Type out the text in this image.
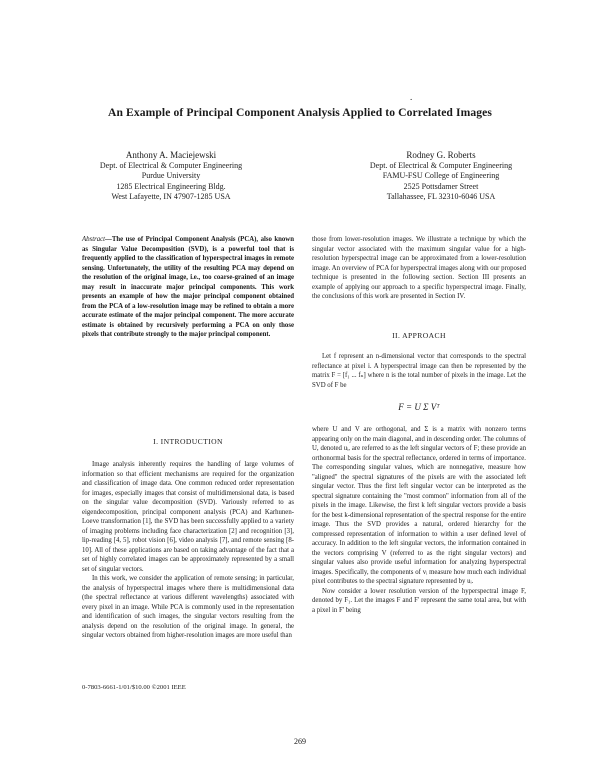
.
An Example of Principal Component Analysis Applied to Correlated Images
Anthony A. Maciejewski
Dept. of Electrical & Computer Engineering
Purdue University
1285 Electrical Engineering Bldg.
West Lafayette, IN 47907-1285 USA
Rodney G. Roberts
Dept. of Electrical & Computer Engineering
FAMU-FSU College of Engineering
2525 Pottsdamer Street
Tallahassee, FL 32310-6046 USA
Abstract—The use of Principal Component Analysis (PCA), also known as Singular Value Decomposition (SVD), is a powerful tool that is frequently applied to the classification of hyperspectral images in remote sensing. Unfortunately, the utility of the resulting PCA may depend on the resolution of the original image, i.e., too coarse-grained of an image may result in inaccurate major principal components. This work presents an example of how the major principal component obtained from the PCA of a low-resolution image may be refined to obtain a more accurate estimate of the major principal component. The more accurate estimate is obtained by recursively performing a PCA on only those pixels that contribute strongly to the major principal component.
I. INTRODUCTION

Image analysis inherently requires the handling of large volumes of information so that efficient mechanisms are required for the organization and classification of image data. One common reduced order representation for images, especially images that consist of multidimensional data, is based on the singular value decomposition (SVD). Variously referred to as eigendecomposition, principal component analysis (PCA) and Karhunen-Loeve transformation [1], the SVD has been successfully applied to a variety of imaging problems including face characterization [2] and recognition [3], lip-reading [4, 5], robot vision [6], video analysis [7], and remote sensing [8-10]. All of these applications are based on taking advantage of the fact that a set of highly correlated images can be approximately represented by a small set of singular vectors.

In this work, we consider the application of remote sensing; in particular, the analysis of hyperspectral images where there is multidimensional data (the spectral reflectance at various different wavelengths) associated with every pixel in an image. While PCA is commonly used in the representation and identification of such images, the singular vectors resulting from the analysis depend on the resolution of the original image. In general, the singular vectors obtained from higher-resolution images are more useful than

those from lower-resolution images. We illustrate a technique by which the singular vector associated with the maximum singular value for a high-resolution hyperspectral image can be approximated from a lower-resolution image. An overview of PCA for hyperspectral images along with our proposed technique is presented in the following section. Section III presents an example of applying our approach to a specific hyperspectral image. Finally, the conclusions of this work are presented in Section IV.

II. APPROACH

Let f represent an n-dimensional vector that corresponds to the spectral reflectance at pixel i. A hyperspectral image can then be represented by the matrix F = [f₁ ... fₙ] where n is the total number of pixels in the image. Let the SVD of F be

F = U Σ Vᵀ

where U and V are orthogonal, and Σ is a matrix with nonzero terms appearing only on the main diagonal, and in descending order. The columns of U, denoted uᵢ, are referred to as the left singular vectors of F; these provide an orthonormal basis for the spectral reflectance, ordered in terms of importance. The corresponding singular values, which are nonnegative, measure how "aligned" the spectral signatures of the pixels are with the associated left singular vector. Thus the first left singular vector can be interpreted as the spectral signature containing the "most common" information from all of the pixels in the image. Likewise, the first k left singular vectors provide a basis for the best k-dimensional representation of the spectral response for the entire image. Thus the SVD provides a natural, ordered hierarchy for the compressed representation of information to within a user defined level of accuracy. In addition to the left singular vectors, the information contained in the vectors comprising V (referred to as the right singular vectors) and singular values also provide useful information for analyzing hyperspectral images. Specifically, the components of vᵢ measure how much each individual pixel contributes to the spectral signature represented by uᵢ.

Now consider a lower resolution version of the hyperspectral image F, denoted by F₁. Let the images F and F' represent the same total area, but with a pixel in F' being

0-7803-6661-1/01/$10.00 ©2001 IEEE
269
